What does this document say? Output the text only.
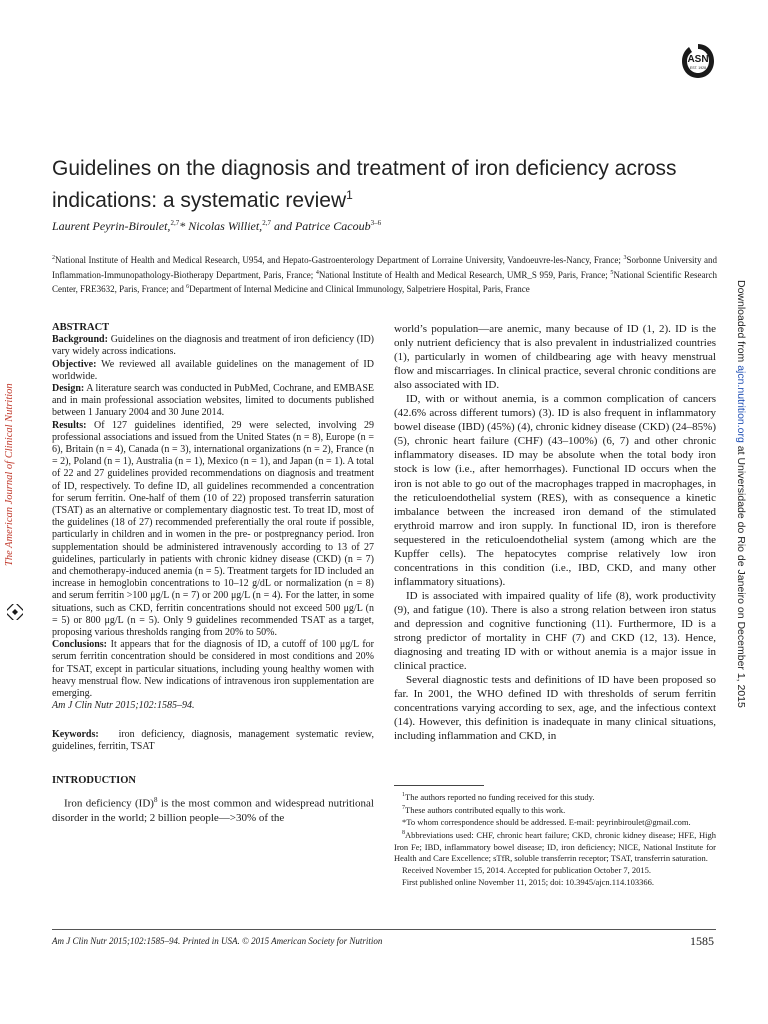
ASN
EST. 1928
Guidelines on the diagnosis and treatment of iron deficiency across indications: a systematic review$^1$
Laurent Peyrin-Biroulet,$^{2,7}$* Nicolas Williet,$^{2,7}$ and Patrice Cacoub$^{3-6}$
$^2$National Institute of Health and Medical Research, U954, and Hepato-Gastroenterology Department of Lorraine University, Vandoeuvre-les-Nancy, France; $^3$Sorbonne University and Inflammation-Immunopathology-Biotherapy Department, Paris, France; $^4$National Institute of Health and Medical Research, UMR_S 959, Paris, France; $^5$National Scientific Research Center, FRE3632, Paris, France; and $^6$Department of Internal Medicine and Clinical Immunology, Salpetriere Hospital, Paris, France
The American Journal of Clinical Nutrition
Downloaded from ajcn.nutrition.org at Universidade do Rio de Janeiro on December 1, 2015

ABSTRACT

Background: Guidelines on the diagnosis and treatment of iron deficiency (ID) vary widely across indications.

Objective: We reviewed all available guidelines on the management of ID worldwide.

Design: A literature search was conducted in PubMed, Cochrane, and EMBASE and in main professional association websites, limited to documents published between 1 January 2004 and 30 June 2014.

Results: Of 127 guidelines identified, 29 were selected, involving 29 professional associations and issued from the United States (n = 8), Europe (n = 6), Britain (n = 4), Canada (n = 3), international organizations (n = 2), France (n = 2), Poland (n = 1), Australia (n = 1), Mexico (n = 1), and Japan (n = 1). A total of 22 and 27 guidelines provided recommendations on diagnosis and treatment of ID, respectively. To define ID, all guidelines recommended a concentration for serum ferritin. One-half of them (10 of 22) proposed transferrin saturation (TSAT) as an alternative or complementary diagnostic test. To treat ID, most of the guidelines (18 of 27) recommended preferentially the oral route if possible, particularly in children and in women in the pre- or postpregnancy period. Iron supplementation should be administered intravenously according to 13 of 27 guidelines, particularly in patients with chronic kidney disease (CKD) (n = 7) and chemotherapy-induced anemia (n = 5). Treatment targets for ID included an increase in hemoglobin concentrations to 10–12 g/dL or normalization (n = 8) and serum ferritin >100 μg/L (n = 7) or 200 μg/L (n = 4). For the latter, in some situations, such as CKD, ferritin concentrations should not exceed 500 μg/L (n = 5) or 800 μg/L (n = 5). Only 9 guidelines recommended TSAT as a target, proposing various thresholds ranging from 20% to 50%.

Conclusions: It appears that for the diagnosis of ID, a cutoff of 100 μg/L for serum ferritin concentration should be considered in most conditions and 20% for TSAT, except in particular situations, including young healthy women with heavy menstrual flow. New indications of intravenous iron supplementation are emerging.

Am J Clin Nutr 2015;102:1585–94.

Keywords: iron deficiency, diagnosis, management systematic review, guidelines, ferritin, TSAT

INTRODUCTION

Iron deficiency (ID)$^8$ is the most common and widespread nutritional disorder in the world; 2 billion people—>30% of the

world’s population—are anemic, many because of ID (1, 2). ID is the only nutrient deficiency that is also prevalent in industrialized countries (1), particularly in women of childbearing age with heavy menstrual flow and miscarriages. In clinical practice, several chronic conditions are also associated with ID.

ID, with or without anemia, is a common complication of cancers (42.6% across different tumors) (3). ID is also frequent in inflammatory bowel disease (IBD) (45%) (4), chronic kidney disease (CKD) (24–85%) (5), chronic heart failure (CHF) (43–100%) (6, 7) and other chronic inflammatory diseases. ID may be absolute when the total body iron stock is low (i.e., after hemorrhages). Functional ID occurs when the iron is not able to go out of the macrophages trapped in macrophages, in the reticuloendothelial system (RES), with as consequence a kinetic imbalance between the increased iron demand of the stimulated erythroid marrow and iron supply. In functional ID, iron is therefore sequestered in the reticuloendothelial system (among which are the Kupffer cells). The hepatocytes comprise relatively low iron concentrations in this condition (i.e., IBD, CKD, and many other inflammatory situations).

ID is associated with impaired quality of life (8), work productivity (9), and fatigue (10). There is also a strong relation between iron status and depression and cognitive functioning (11). Furthermore, ID is a strong predictor of mortality in CHF (7) and CKD (12, 13). Hence, diagnosing and treating ID with or without anemia is a major issue in clinical practice.

Several diagnostic tests and definitions of ID have been proposed so far. In 2001, the WHO defined ID with thresholds of serum ferritin concentrations varying according to sex, age, and the infectious context (14). However, this definition is inadequate in many clinical situations, including inflammation and CKD, in

$^1$The authors reported no funding received for this study.

$^7$These authors contributed equally to this work.

*To whom correspondence should be addressed. E-mail: peyrinbiroulet@gmail.com.

$^8$Abbreviations used: CHF, chronic heart failure; CKD, chronic kidney disease; HFE, High Iron Fe; IBD, inflammatory bowel disease; ID, iron deficiency; NICE, National Institute for Health and Care Excellence; sTfR, soluble transferrin receptor; TSAT, transferrin saturation.

Received November 15, 2014. Accepted for publication October 7, 2015.

First published online November 11, 2015; doi: 10.3945/ajcn.114.103366.

Am J Clin Nutr 2015;102:1585–94. Printed in USA. © 2015 American Society for Nutrition	1585
